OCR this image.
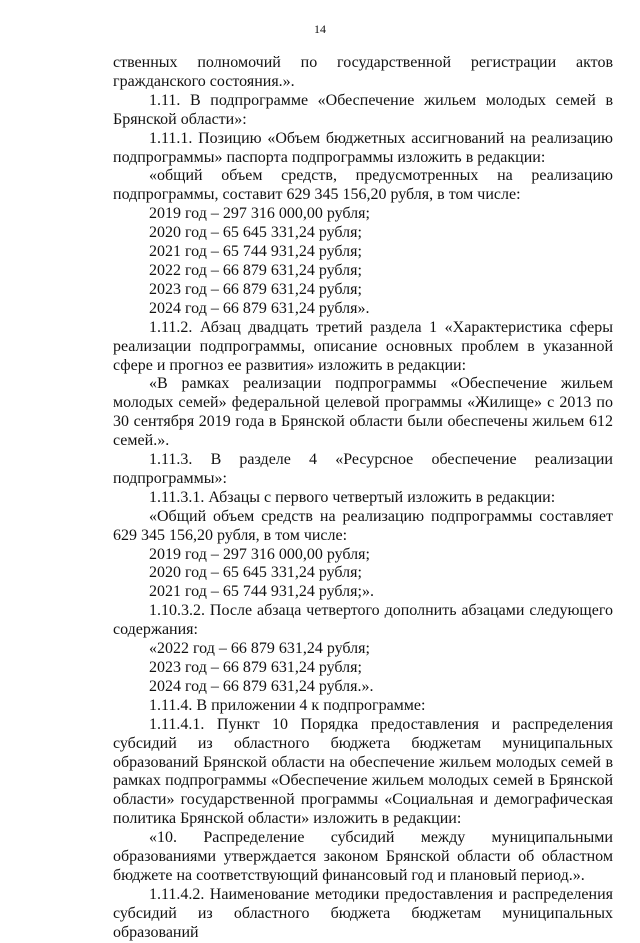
14

ственных полномочий по государственной регистрации актов гражданского состояния.».

1.11. В подпрограмме «Обеспечение жильем молодых семей в Брянской области»:

1.11.1. Позицию «Объем бюджетных ассигнований на реализацию подпрограммы» паспорта подпрограммы изложить в редакции:

«общий объем средств, предусмотренных на реализацию подпрограммы, составит 629 345 156,20 рубля, в том числе:

2019 год – 297 316 000,00 рубля;

2020 год – 65 645 331,24 рубля;

2021 год – 65 744 931,24 рубля;

2022 год – 66 879 631,24 рубля;

2023 год – 66 879 631,24 рубля;

2024 год – 66 879 631,24 рубля».

1.11.2. Абзац двадцать третий раздела 1 «Характеристика сферы реализации подпрограммы, описание основных проблем в указанной сфере и прогноз ее развития» изложить в редакции:

«В рамках реализации подпрограммы «Обеспечение жильем молодых семей» федеральной целевой программы «Жилище» с 2013 по 30 сентября 2019 года в Брянской области были обеспечены жильем 612 семей.».

1.11.3. В разделе 4 «Ресурсное обеспечение реализации подпрограммы»:

1.11.3.1. Абзацы с первого четвертый изложить в редакции:

«Общий объем средств на реализацию подпрограммы составляет 629 345 156,20 рубля, в том числе:

2019 год – 297 316 000,00 рубля;

2020 год – 65 645 331,24 рубля;

2021 год – 65 744 931,24 рубля;».

1.10.3.2. После абзаца четвертого дополнить абзацами следующего содержания:

«2022 год – 66 879 631,24 рубля;

2023 год – 66 879 631,24 рубля;

2024 год – 66 879 631,24 рубля.».

1.11.4. В приложении 4 к подпрограмме:

1.11.4.1. Пункт 10 Порядка предоставления и распределения субсидий из областного бюджета бюджетам муниципальных образований Брянской области на обеспечение жильем молодых семей в рамках подпрограммы «Обеспечение жильем молодых семей в Брянской области» государственной программы «Социальная и демографическая политика Брянской области» изложить в редакции:

«10. Распределение субсидий между муниципальными образованиями утверждается законом Брянской области об областном бюджете на соответствующий финансовый год и плановый период.».

1.11.4.2. Наименование методики предоставления и распределения субсидий из областного бюджета бюджетам муниципальных образований
